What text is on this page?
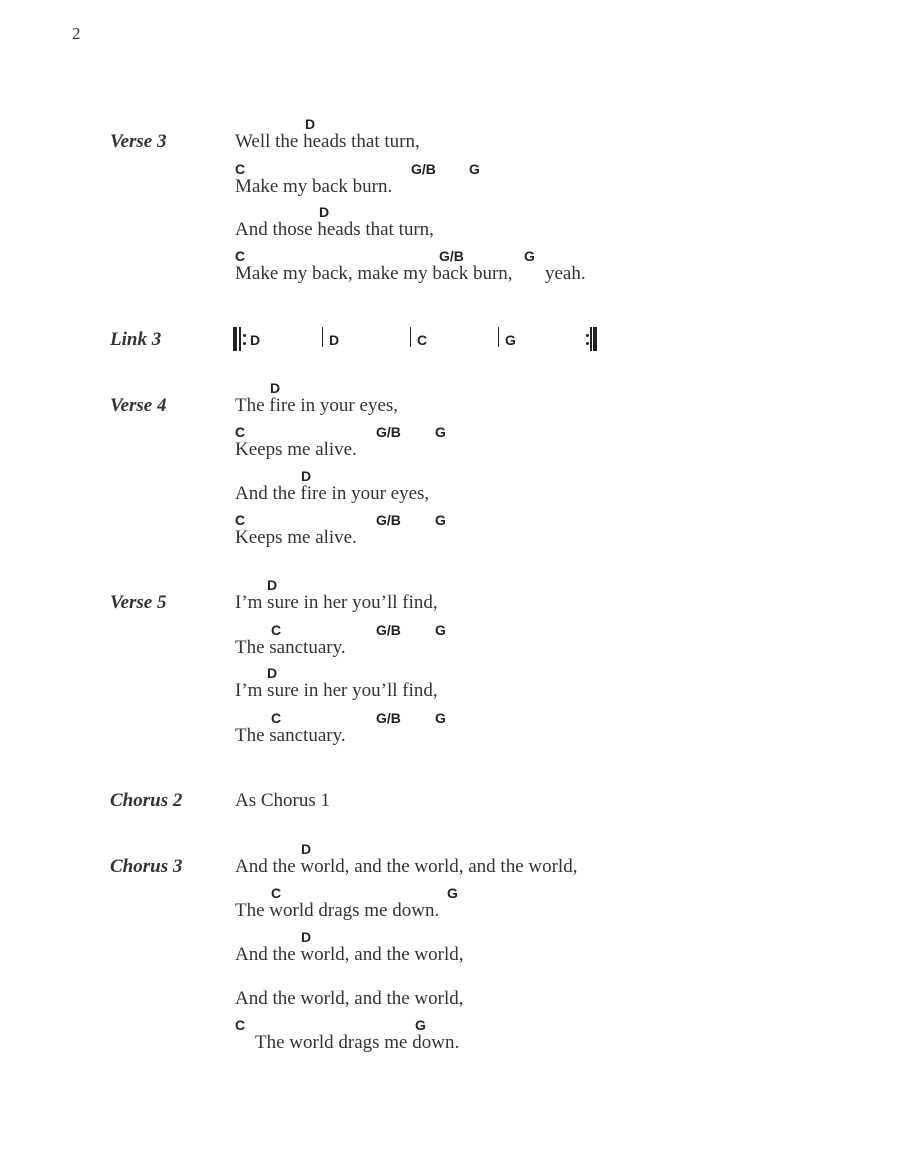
2
Verse 3
D
Well the heads that turn,
C	G/B G
Make my back burn.
D
And those heads that turn,
C	G/B	G
Make my back, make my back burn, yeah.
Link 3	D	D	C	G
Verse 4
D
The fire in your eyes,
C	G/B G
Keeps me alive.
D
And the fire in your eyes,
C	G/B G
Keeps me alive.
Verse 5
D
I’m sure in her you’ll find,
C	G/B G
The sanctuary.
D
I’m sure in her you’ll find,
C	G/B G
The sanctuary.
Chorus 2	As Chorus 1
Chorus 3
D
And the world, and the world, and the world,
C	G
The world drags me down.
D
And the world, and the world,
And the world, and the world,
C	G
The world drags me down.
